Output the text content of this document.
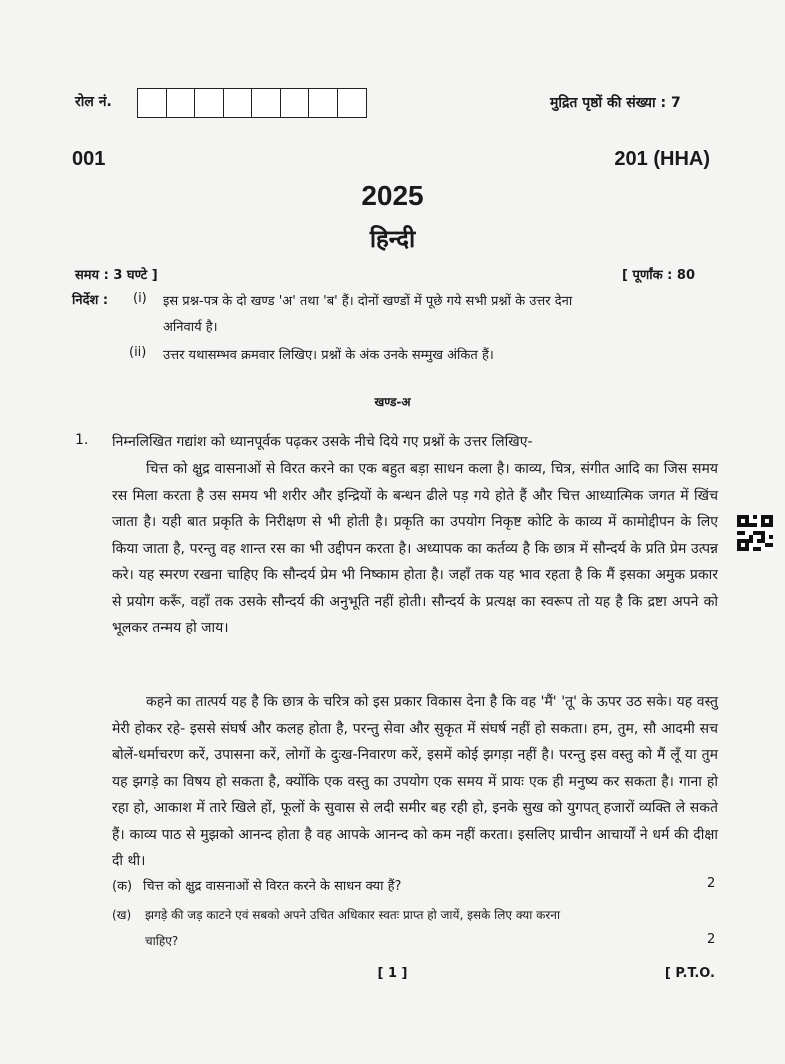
रोल नं.	मुद्रित पृष्ठों की संख्या : 7
001	201 (HHA)
2025
हिन्दी
समय : 3 घण्टे ]	[ पूर्णांक : 80
निर्देश : (i) इस प्रश्न-पत्र के दो खण्ड 'अ' तथा 'ब' हैं। दोनों खण्डों में पूछे गये सभी प्रश्नों के उत्तर देना
अनिवार्य है।
(ii) उत्तर यथासम्भव क्रमवार लिखिए। प्रश्नों के अंक उनके सम्मुख अंकित हैं।
खण्ड-अ
1. निम्नलिखित गद्यांश को ध्यानपूर्वक पढ़कर उसके नीचे दिये गए प्रश्नों के उत्तर लिखिए-
चित्त को क्षुद्र वासनाओं से विरत करने का एक बहुत बड़ा साधन कला है। काव्य, चित्र, संगीत आदि का जिस समय रस मिला करता है उस समय भी शरीर और इन्द्रियों के बन्धन ढीले पड़ गये होते हैं और चित्त आध्यात्मिक जगत में खिंच जाता है। यही बात प्रकृति के निरीक्षण से भी होती है। प्रकृति का उपयोग निकृष्ट कोटि के काव्य में कामोद्दीपन के लिए किया जाता है, परन्तु वह शान्त रस का भी उद्दीपन करता है। अध्यापक का कर्तव्य है कि छात्र में सौन्दर्य के प्रति प्रेम उत्पन्न करे। यह स्मरण रखना चाहिए कि सौन्दर्य प्रेम भी निष्काम होता है। जहाँ तक यह भाव रहता है कि मैं इसका अमुक प्रकार से प्रयोग करूँ, वहाँ तक उसके सौन्दर्य की अनुभूति नहीं होती। सौन्दर्य के प्रत्यक्ष का स्वरूप तो यह है कि द्रष्टा अपने को भूलकर तन्मय हो जाय।
कहने का तात्पर्य यह है कि छात्र के चरित्र को इस प्रकार विकास देना है कि वह 'मैं' 'तू' के ऊपर उठ सके। यह वस्तु मेरी होकर रहे- इससे संघर्ष और कलह होता है, परन्तु सेवा और सुकृत में संघर्ष नहीं हो सकता। हम, तुम, सौ आदमी सच बोलें-धर्माचरण करें, उपासना करें, लोगों के दुःख-निवारण करें, इसमें कोई झगड़ा नहीं है। परन्तु इस वस्तु को मैं लूँ या तुम यह झगड़े का विषय हो सकता है, क्योंकि एक वस्तु का उपयोग एक समय में प्रायः एक ही मनुष्य कर सकता है। गाना हो रहा हो, आकाश में तारे खिले हों, फूलों के सुवास से लदी समीर बह रही हो, इनके सुख को युगपत् हजारों व्यक्ति ले सकते हैं। काव्य पाठ से मुझको आनन्द होता है वह आपके आनन्द को कम नहीं करता। इसलिए प्राचीन आचार्यों ने धर्म की दीक्षा दी थी।
(क) चित्त को क्षुद्र वासनाओं से विरत करने के साधन क्या हैं?	2
(ख) झगड़े की जड़ काटने एवं सबको अपने उचित अधिकार स्वतः प्राप्त हो जायें, इसके लिए क्या करना
चाहिए?	2
[ 1 ]	[ P.T.O.
